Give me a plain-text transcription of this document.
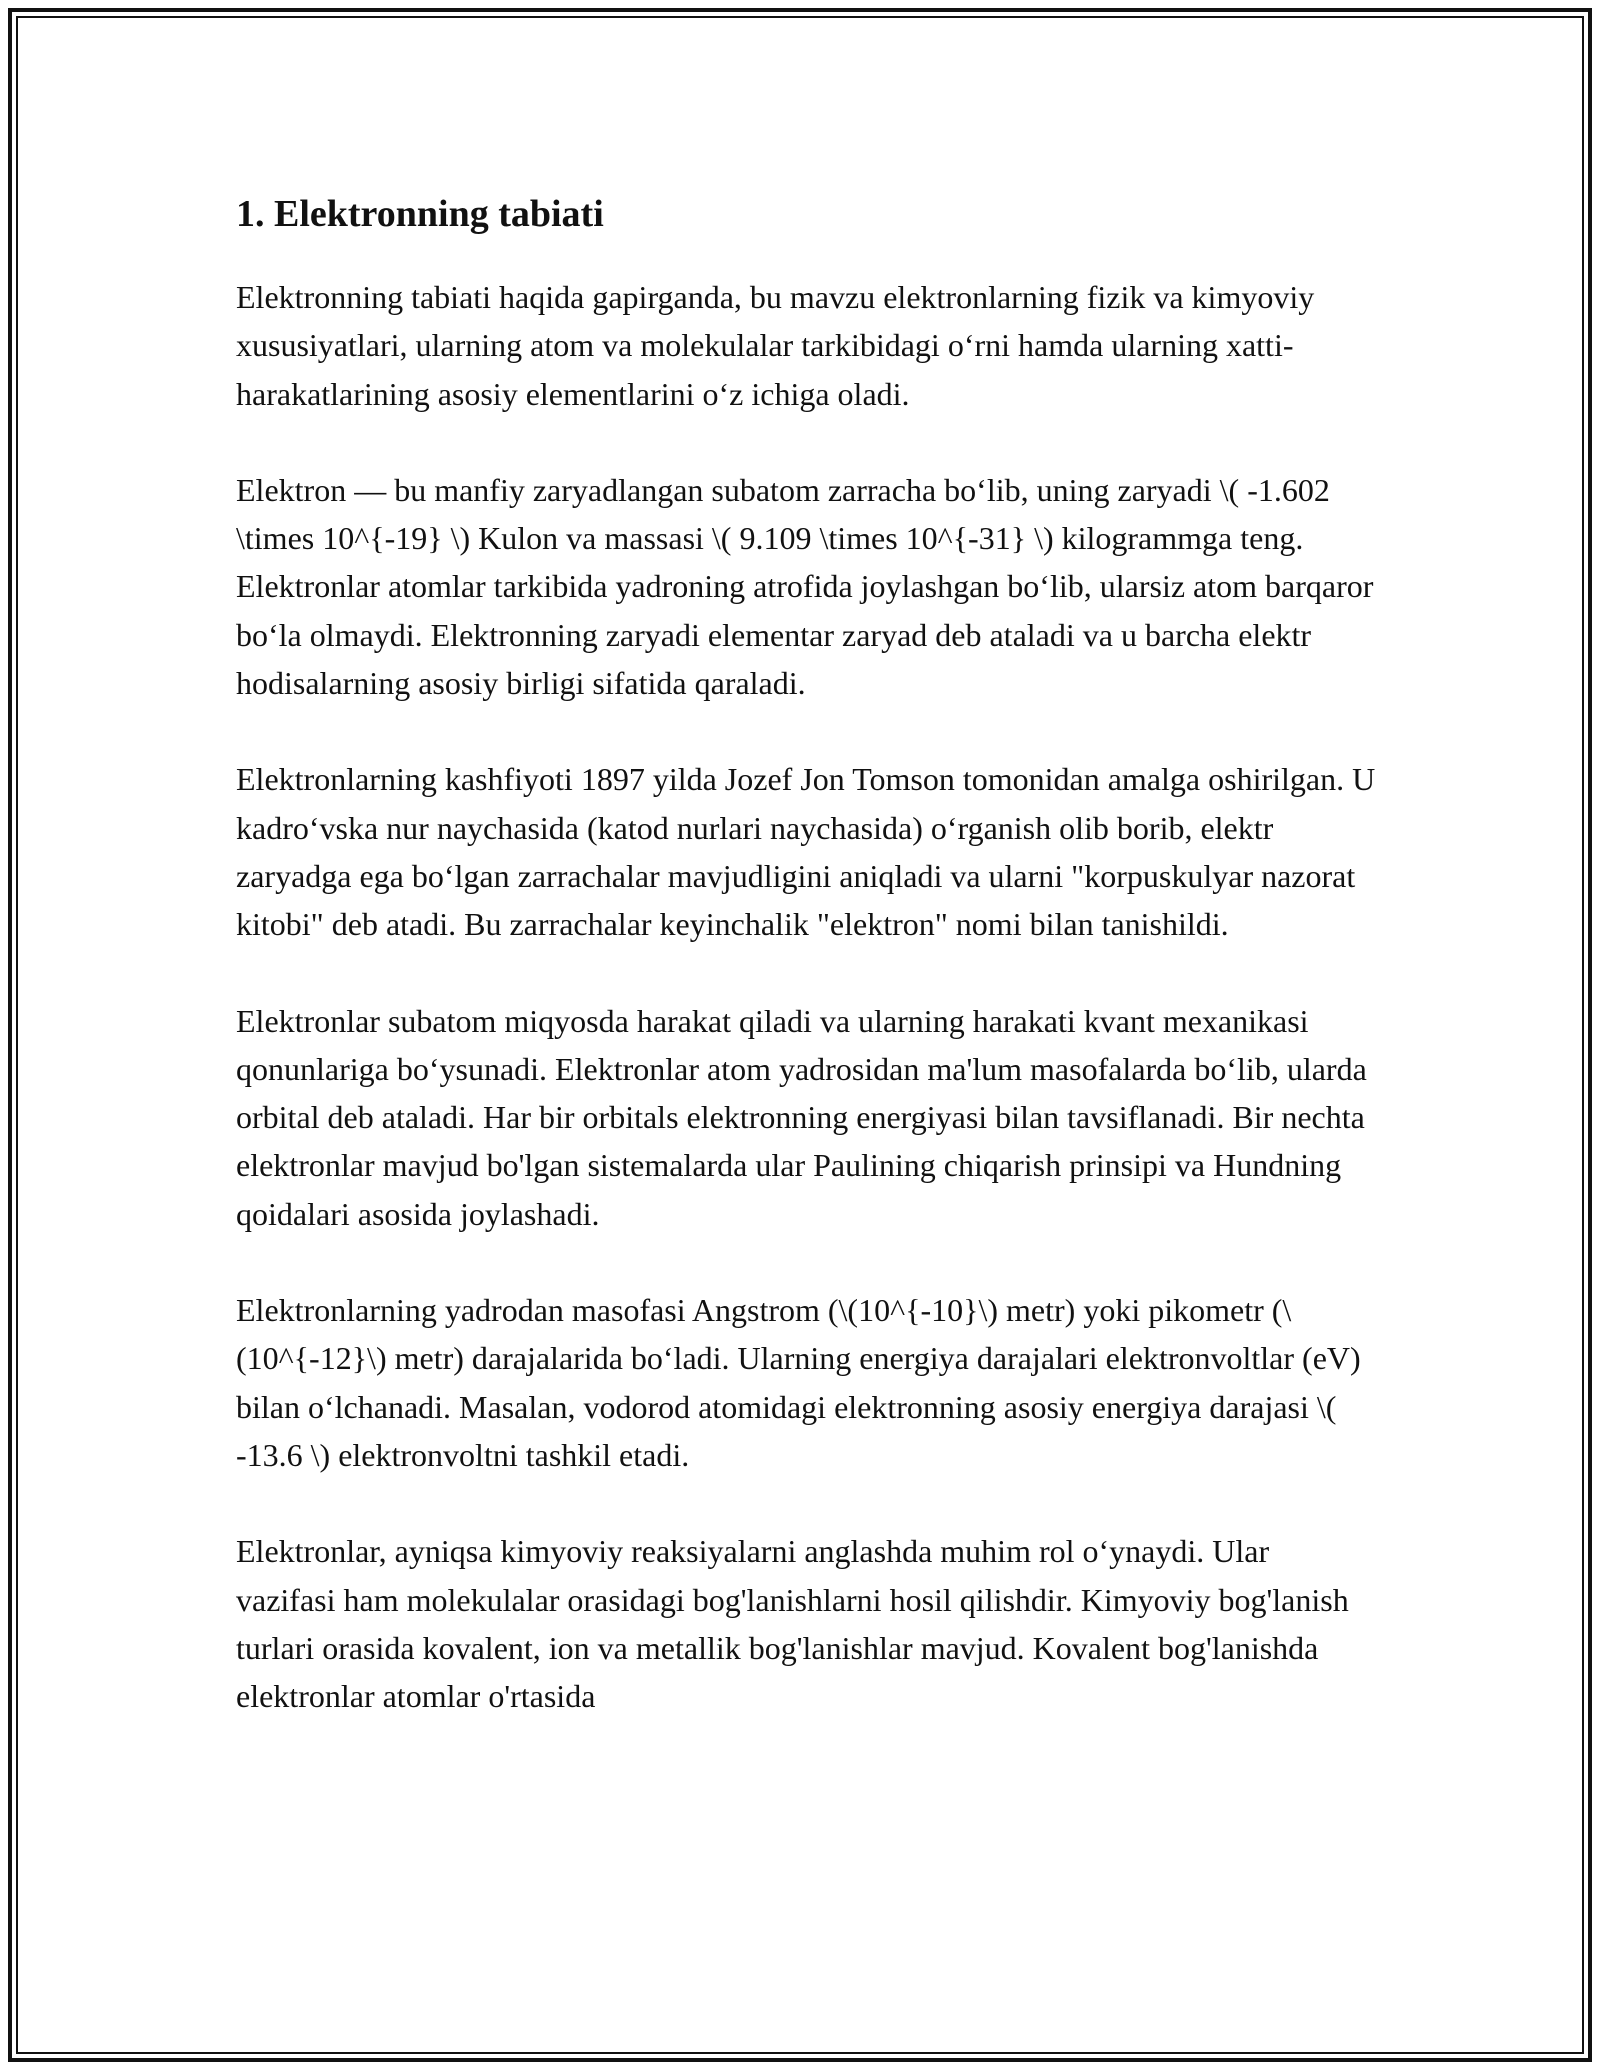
1. Elektronning tabiati

Elektronning tabiati haqida gapirganda, bu mavzu elektronlarning fizik va kimyoviy xususiyatlari, ularning atom va molekulalar tarkibidagi o‘rni hamda ularning xatti-harakatlarining asosiy elementlarini o‘z ichiga oladi.

Elektron — bu manfiy zaryadlangan subatom zarracha bo‘lib, uning zaryadi \( -1.602 \times 10^{-19} \) Kulon va massasi \( 9.109 \times 10^{-31} \) kilogrammga teng. Elektronlar atomlar tarkibida yadroning atrofida joylashgan bo‘lib, ularsiz atom barqaror bo‘la olmaydi. Elektronning zaryadi elementar zaryad deb ataladi va u barcha elektr hodisalarning asosiy birligi sifatida qaraladi.

Elektronlarning kashfiyoti 1897 yilda Jozef Jon Tomson tomonidan amalga oshirilgan. U kadro‘vska nur naychasida (katod nurlari naychasida) o‘rganish olib borib, elektr zaryadga ega bo‘lgan zarrachalar mavjudligini aniqladi va ularni "korpuskulyar nazorat kitobi" deb atadi. Bu zarrachalar keyinchalik "elektron" nomi bilan tanishildi.

Elektronlar subatom miqyosda harakat qiladi va ularning harakati kvant mexanikasi qonunlariga bo‘ysunadi. Elektronlar atom yadrosidan ma'lum masofalarda bo‘lib, ularda orbital deb ataladi. Har bir orbitals elektronning energiyasi bilan tavsiflanadi. Bir nechta elektronlar mavjud bo'lgan sistemalarda ular Paulining chiqarish prinsipi va Hundning qoidalari asosida joylashadi.

Elektronlarning yadrodan masofasi Angstrom (\(10^{-10}\) metr) yoki pikometr (\(10^{-12}\) metr) darajalarida bo‘ladi. Ularning energiya darajalari elektronvoltlar (eV) bilan o‘lchanadi. Masalan, vodorod atomidagi elektronning asosiy energiya darajasi \( -13.6 \) elektronvoltni tashkil etadi.

Elektronlar, ayniqsa kimyoviy reaksiyalarni anglashda muhim rol o‘ynaydi. Ular vazifasi ham molekulalar orasidagi bog'lanishlarni hosil qilishdir. Kimyoviy bog'lanish turlari orasida kovalent, ion va metallik bog'lanishlar mavjud. Kovalent bog'lanishda elektronlar atomlar o'rtasida
